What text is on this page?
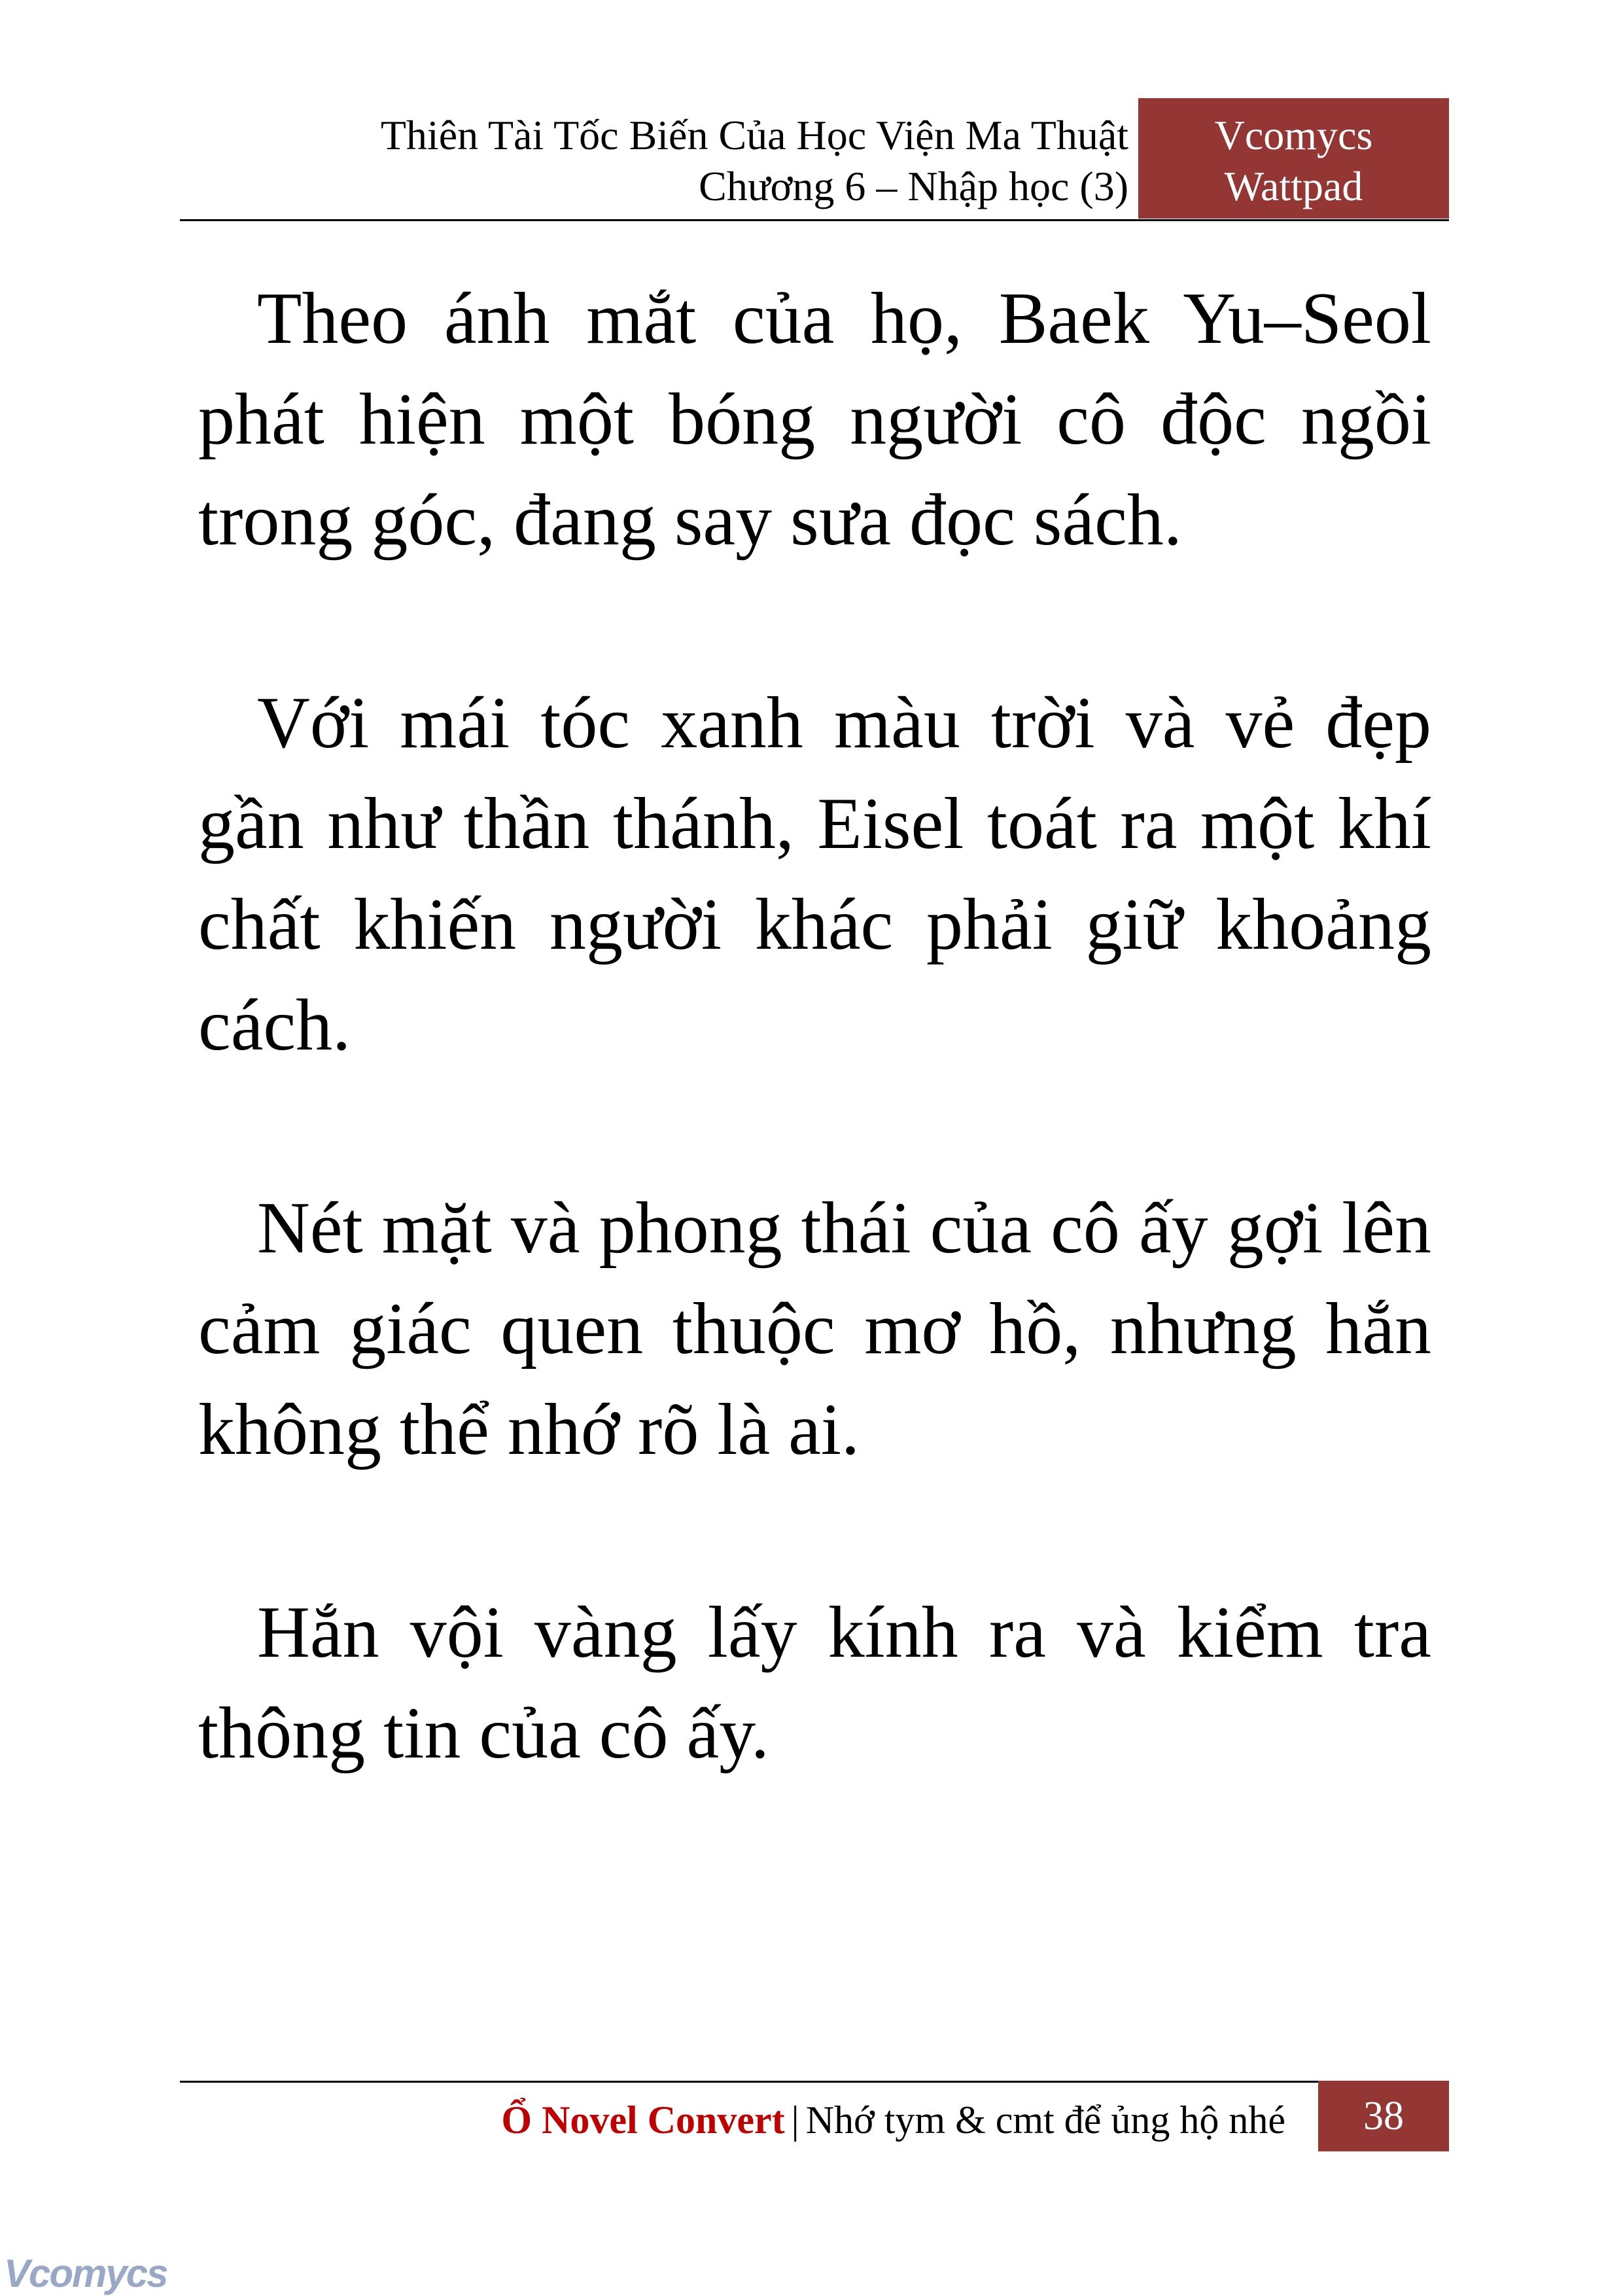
Thiên Tài Tốc Biến Của Học Viện Ma Thuật
Chương 6 – Nhập học (3)
Vcomycs
Wattpad

Theo ánh mắt của họ, Baek Yu–Seol phát hiện một bóng người cô độc ngồi trong góc, đang say sưa đọc sách.

Với mái tóc xanh màu trời và vẻ đẹp gần như thần thánh, Eisel toát ra một khí chất khiến người khác phải giữ khoảng cách.

Nét mặt và phong thái của cô ấy gợi lên cảm giác quen thuộc mơ hồ, nhưng hắn không thể nhớ rõ là ai.

Hắn vội vàng lấy kính ra và kiểm tra thông tin của cô ấy.

Ổ Novel Convert | Nhớ tym & cmt để ủng hộ nhé	38
Vcomycs
